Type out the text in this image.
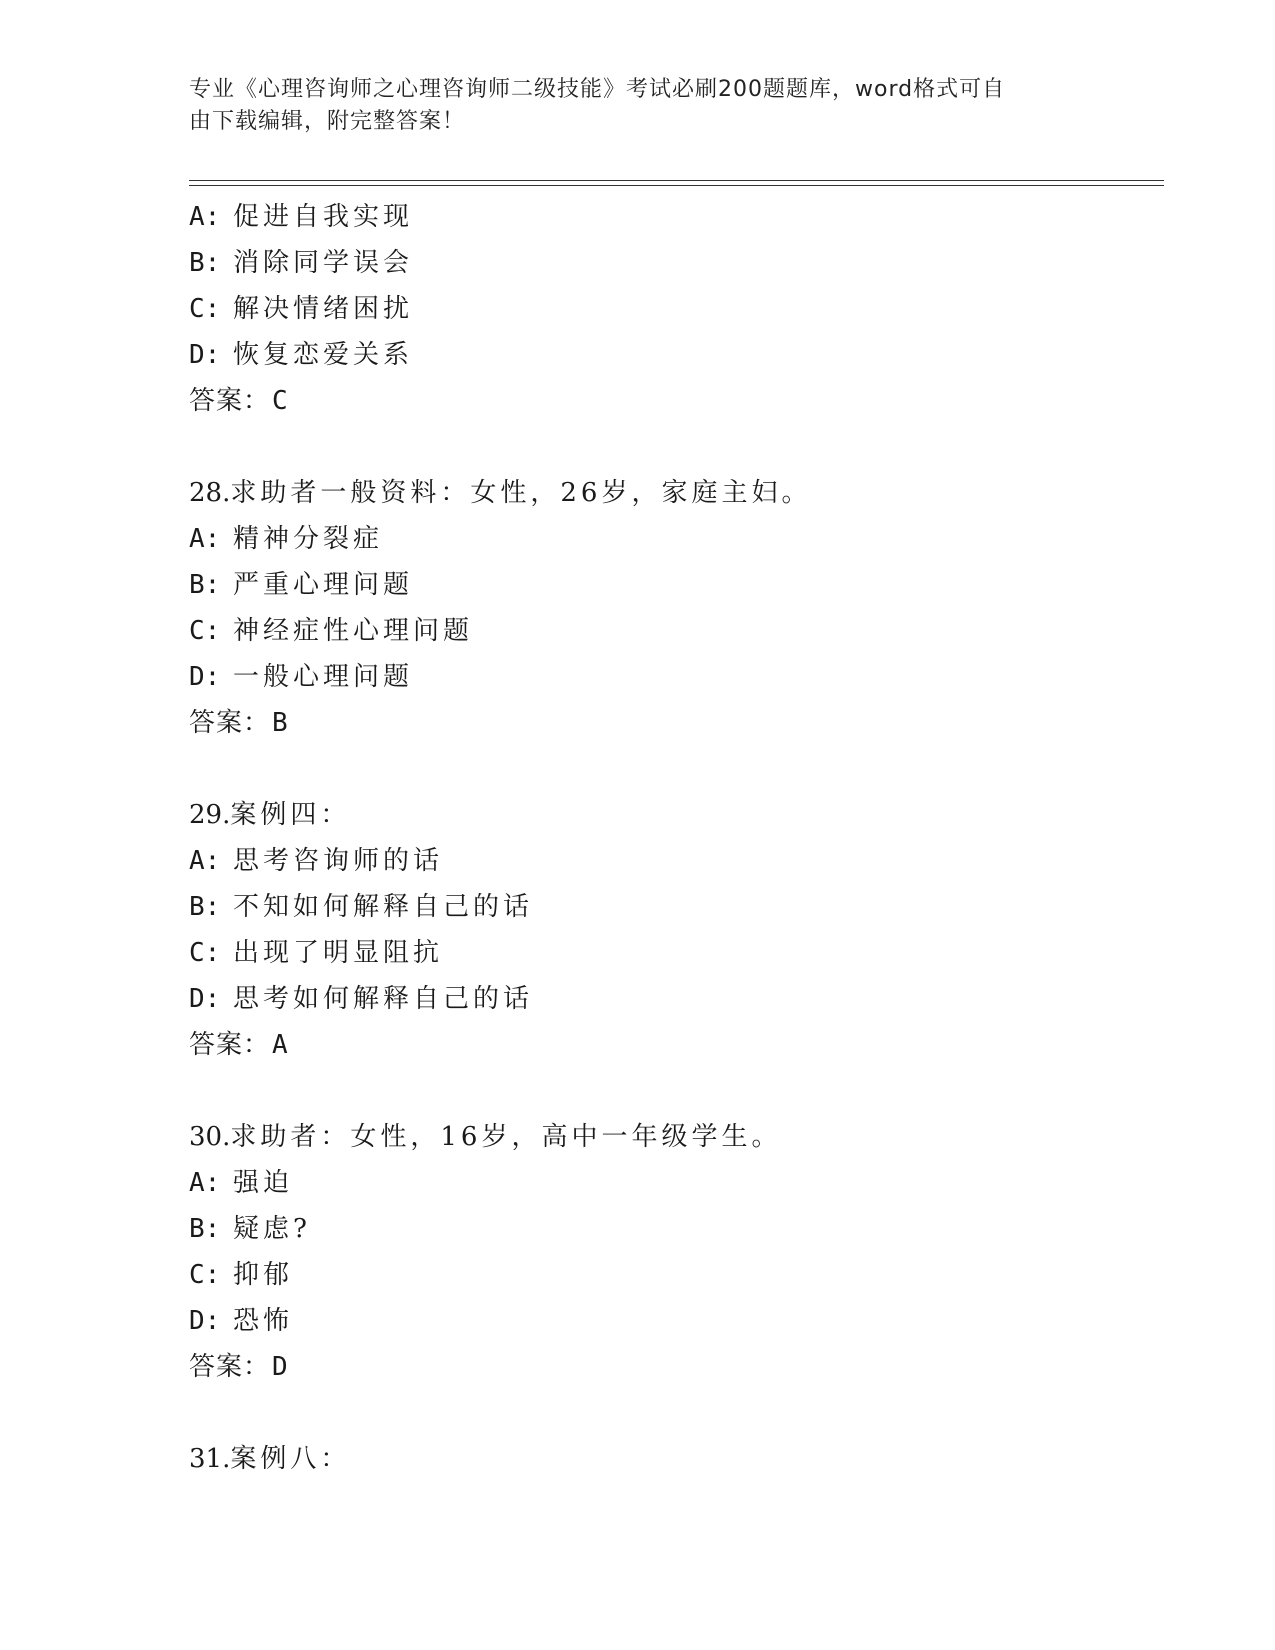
专业《心理咨询师之心理咨询师二级技能》考试必刷200题题库，word格式可自
由下载编辑，附完整答案！
A: 促进自我实现
B: 消除同学误会
C: 解决情绪困扰
D: 恢复恋爱关系
答案：C
28.求助者一般资料：女性，26岁，家庭主妇。
A: 精神分裂症
B: 严重心理问题
C: 神经症性心理问题
D: 一般心理问题
答案：B
29.案例四：
A: 思考咨询师的话
B: 不知如何解释自己的话
C: 出现了明显阻抗
D: 思考如何解释自己的话
答案：A
30.求助者：女性，16岁，高中一年级学生。
A: 强迫
B: 疑虑?
C: 抑郁
D: 恐怖
答案：D
31.案例八：
